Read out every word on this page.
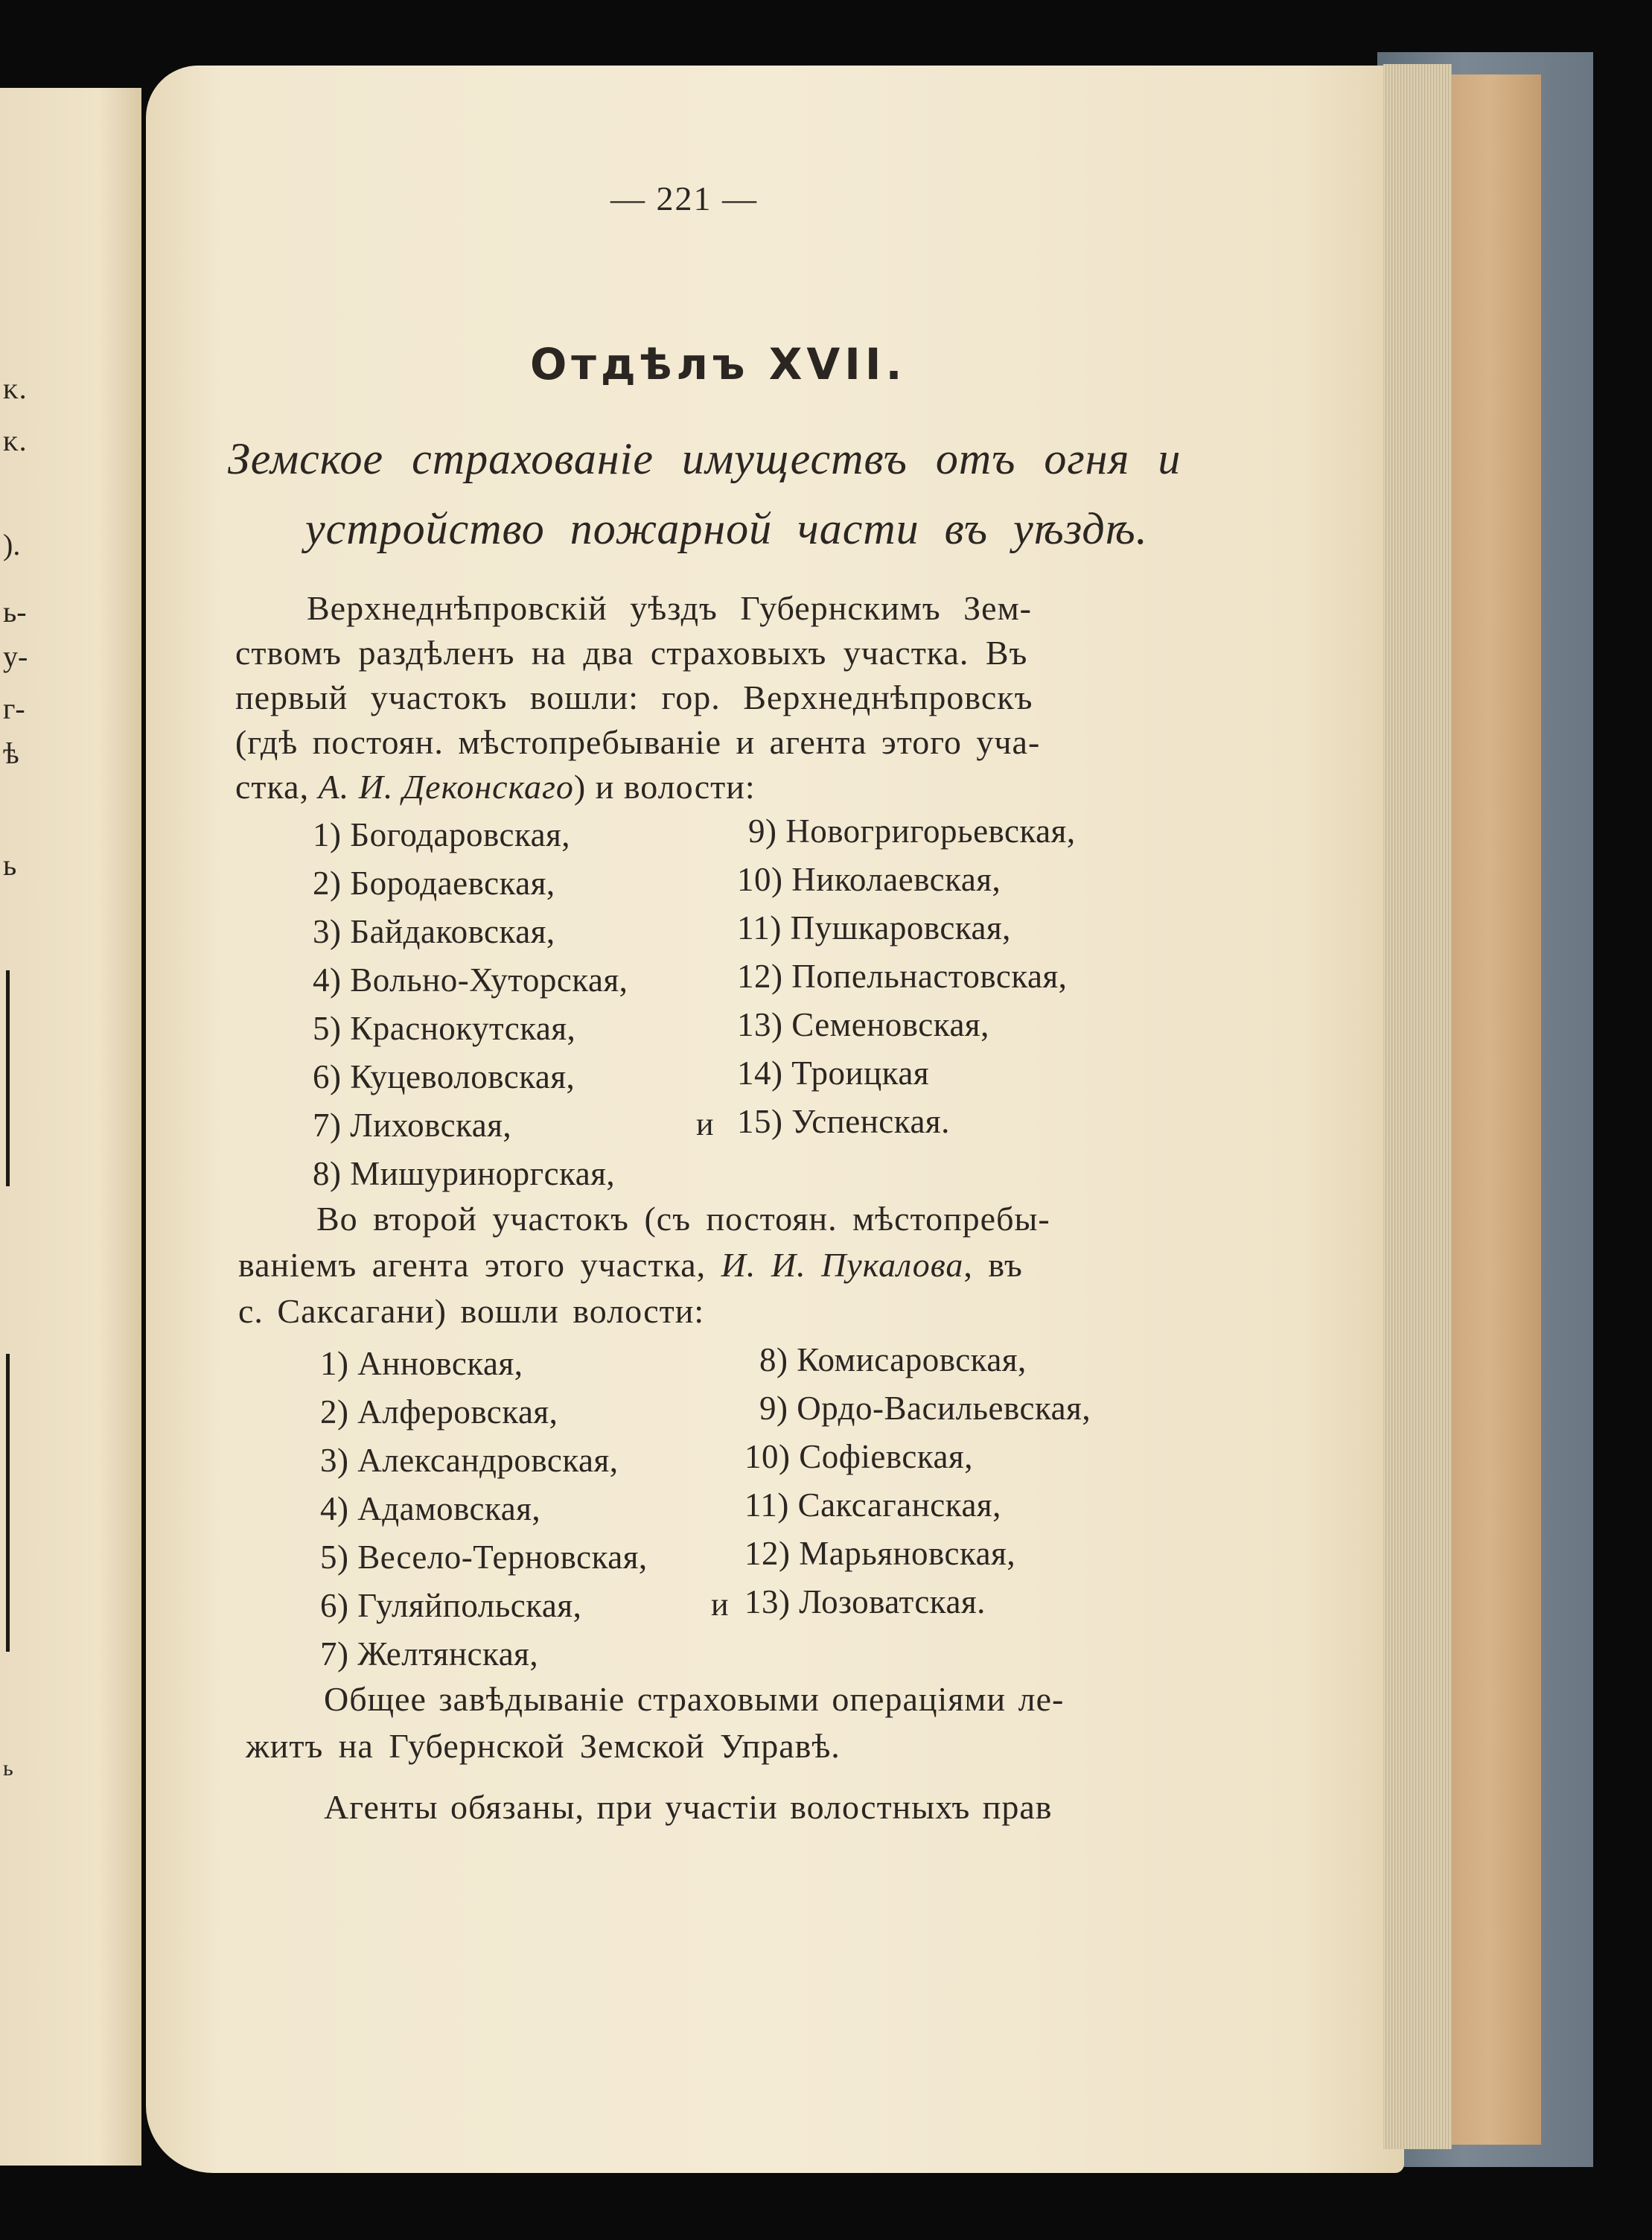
ᴋ.
ᴋ.
).
ь-
у-
г-
ѣ
ь
ь
— 221 —
Отдѣлъ XVII.
Земское страхованіе имуществъ отъ огня и
устройство пожарной части въ уѣздѣ.
Верхнеднѣпровскій уѣздъ Губернскимъ Зем-
ствомъ раздѣленъ на два страховыхъ участка. Въ
первый участокъ вошли: гор. Верхнеднѣпровскъ
(гдѣ постоян. мѣстопребываніе и агента этого уча-
стка, А. И. Деконскаго) и волости:
1) Богодаровская,
2) Бородаевская,
3) Байдаковская,
4) Вольно-Хуторская,
5) Краснокутская,
6) Куцеволовская,
7) Лиховская,
8) Мишуриноргская,
9) Новогригорьевская,
10) Николаевская,
11) Пушкаровская,
12) Попельнастовская,
13) Семеновская,
14) Троицкая
15) Успенская.
и
Во второй участокъ (съ постоян. мѣстопребы-
ваніемъ агента этого участка, И. И. Пукалова, въ
с. Саксагани) вошли волости:
1) Анновская,
2) Алферовская,
3) Александровская,
4) Адамовская,
5) Весело-Терновская,
6) Гуляйпольская,
7) Желтянская,
8) Комисаровская,
9) Ордо-Васильевская,
10) Софіевская,
11) Саксаганская,
12) Марьяновская,
13) Лозоватская.
и
Общее завѣдываніе страховыми операціями ле-
житъ на Губернской Земской Управѣ.
Агенты обязаны, при участіи волостныхъ прав
